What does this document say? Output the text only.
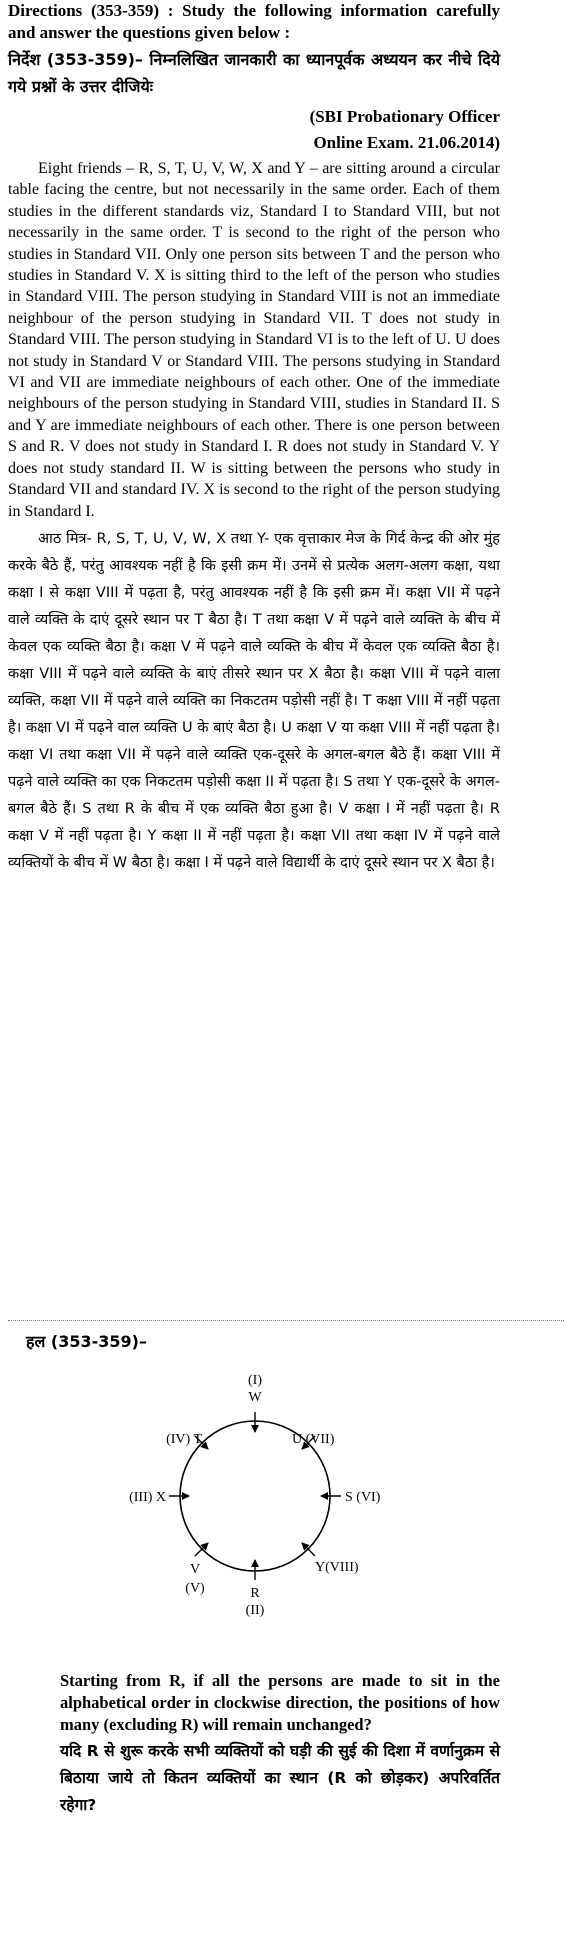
Directions (353-359) : Study the following information carefully and answer the questions given below :

निर्देश (353-359)– निम्नलिखित जानकारी का ध्यानपूर्वक अध्ययन कर नीचे दिये गये प्रश्नों के उत्तर दीजियेः

(SBI Probationary Officer

Online Exam. 21.06.2014)

Eight friends – R, S, T, U, V, W, X and Y – are sitting around a circular table facing the centre, but not necessarily in the same order. Each of them studies in the different standards viz, Standard I to Standard VIII, but not necessarily in the same order. T is second to the right of the person who studies in Standard VII. Only one person sits between T and the person who studies in Standard V. X is sitting third to the left of the person who studies in Standard VIII. The person studying in Standard VIII is not an immediate neighbour of the person studying in Standard VII. T does not study in Standard VIII. The person studying in Standard VI is to the left of U. U does not study in Standard V or Standard VIII. The persons studying in Standard VI and VII are immediate neighbours of each other. One of the immediate neighbours of the person studying in Standard VIII, studies in Standard II. S and Y are immediate neighbours of each other. There is one person between S and R. V does not study in Standard I. R does not study in Standard V. Y does not study standard II. W is sitting between the persons who study in Standard VII and standard IV. X is second to the right of the person studying in Standard I.

आठ मित्र- R, S, T, U, V, W, X तथा Y- एक वृत्ताकार मेज के गिर्द केन्द्र की ओर मुंह करके बैठे हैं, परंतु आवश्यक नहीं है कि इसी क्रम में। उनमें से प्रत्येक अलग-अलग कक्षा, यथा कक्षा I से कक्षा VIII में पढ़ता है, परंतु आवश्यक नहीं है कि इसी क्रम में। कक्षा VII में पढ़ने वाले व्यक्ति के दाएं दूसरे स्थान पर T बैठा है। T तथा कक्षा V में पढ़ने वाले व्यक्ति के बीच में केवल एक व्यक्ति बैठा है। कक्षा V में पढ़ने वाले व्यक्ति के बीच में केवल एक व्यक्ति बैठा है। कक्षा VIII में पढ़ने वाले व्यक्ति के बाएं तीसरे स्थान पर X बैठा है। कक्षा VIII में पढ़ने वाला व्यक्ति, कक्षा VII में पढ़ने वाले व्यक्ति का निकटतम पड़ोसी नहीं है। T कक्षा VIII में नहीं पढ़ता है। कक्षा VI में पढ़ने वाल व्यक्ति U के बाएं बैठा है। U कक्षा V या कक्षा VIII में नहीं पढ़ता है। कक्षा VI तथा कक्षा VII में पढ़ने वाले व्यक्ति एक-दूसरे के अगल-बगल बैठे हैं। कक्षा VIII में पढ़ने वाले व्यक्ति का एक निकटतम पड़ोसी कक्षा II में पढ़ता है। S तथा Y एक-दूसरे के अगल-बगल बैठे हैं। S तथा R के बीच में एक व्यक्ति बैठा हुआ है। V कक्षा I में नहीं पढ़ता है। R कक्षा V में नहीं पढ़ता है। Y कक्षा II में नहीं पढ़ता है। कक्षा VII तथा कक्षा IV में पढ़ने वाले व्यक्तियों के बीच में W बैठा है। कक्षा I में पढ़ने वाले विद्यार्थी के दाएं दूसरे स्थान पर X बैठा है।

हल (353-359)–
(I)
W
U (VII)
S (VI)
Y(VIII)
R
(II)
V
(V)
(III) X
(IV) T

Starting from R, if all the persons are made to sit in the alphabetical order in clockwise direction, the positions of how many (excluding R) will remain unchanged?

यदि R से शुरू करके सभी व्यक्तियों को घड़ी की सुई की दिशा में वर्णानुक्रम से बिठाया जाये तो कितन व्यक्तियों का स्थान (R को छोड़कर) अपरिवर्तित रहेगा?
